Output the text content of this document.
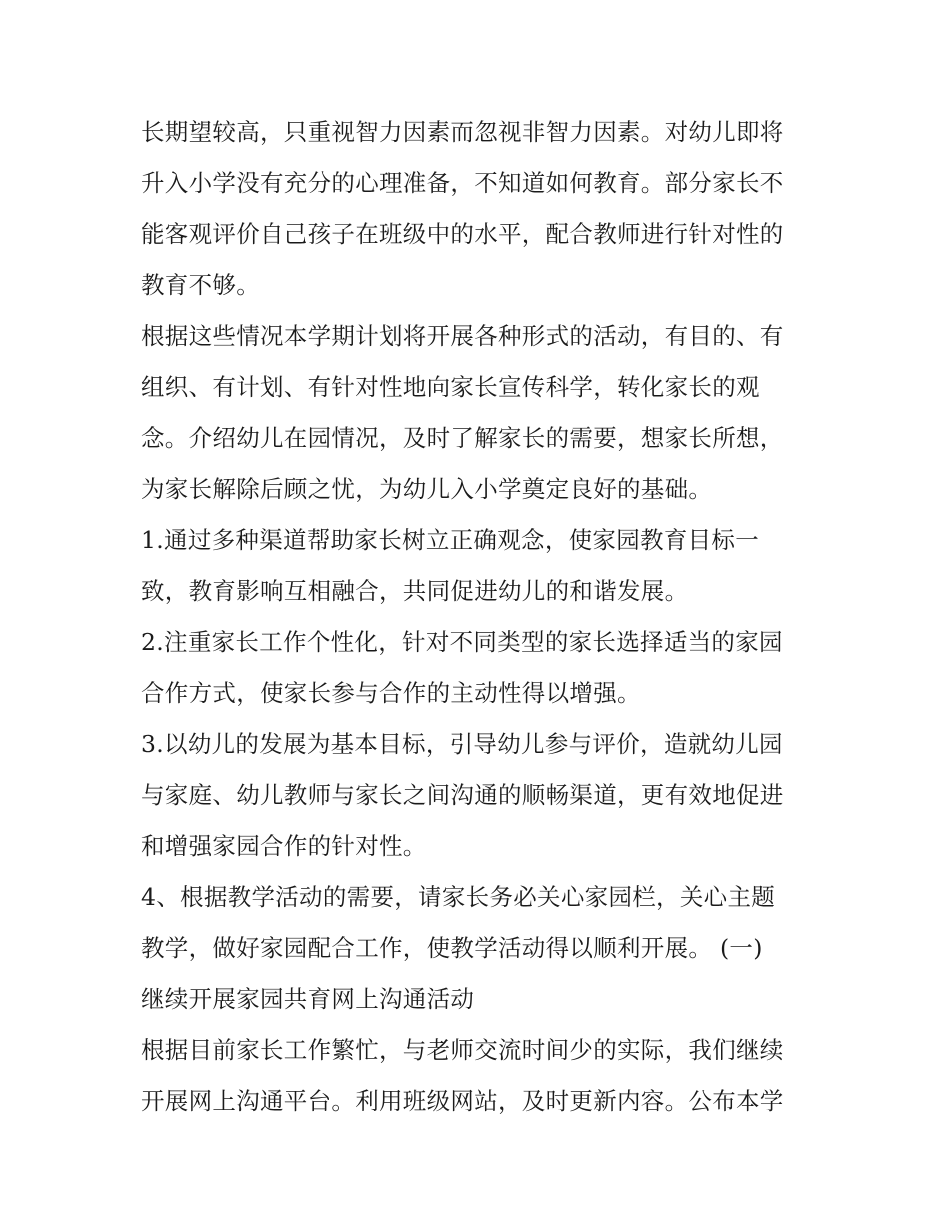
长期望较高，只重视智力因素而忽视非智力因素。对幼儿即将
升入小学没有充分的心理准备，不知道如何教育。部分家长不
能客观评价自己孩子在班级中的水平，配合教师进行针对性的
教育不够。
根据这些情况本学期计划将开展各种形式的活动，有目的、有
组织、有计划、有针对性地向家长宣传科学，转化家长的观
念。介绍幼儿在园情况，及时了解家长的需要，想家长所想，
为家长解除后顾之忧，为幼儿入小学奠定良好的基础。
1.通过多种渠道帮助家长树立正确观念，使家园教育目标一
致，教育影响互相融合，共同促进幼儿的和谐发展。
2.注重家长工作个性化，针对不同类型的家长选择适当的家园
合作方式，使家长参与合作的主动性得以增强。
3.以幼儿的发展为基本目标，引导幼儿参与评价，造就幼儿园
与家庭、幼儿教师与家长之间沟通的顺畅渠道，更有效地促进
和增强家园合作的针对性。
4、根据教学活动的需要，请家长务必关心家园栏，关心主题
教学，做好家园配合工作，使教学活动得以顺利开展。 (一)
继续开展家园共育网上沟通活动
根据目前家长工作繁忙，与老师交流时间少的实际，我们继续
开展网上沟通平台。利用班级网站，及时更新内容。公布本学
